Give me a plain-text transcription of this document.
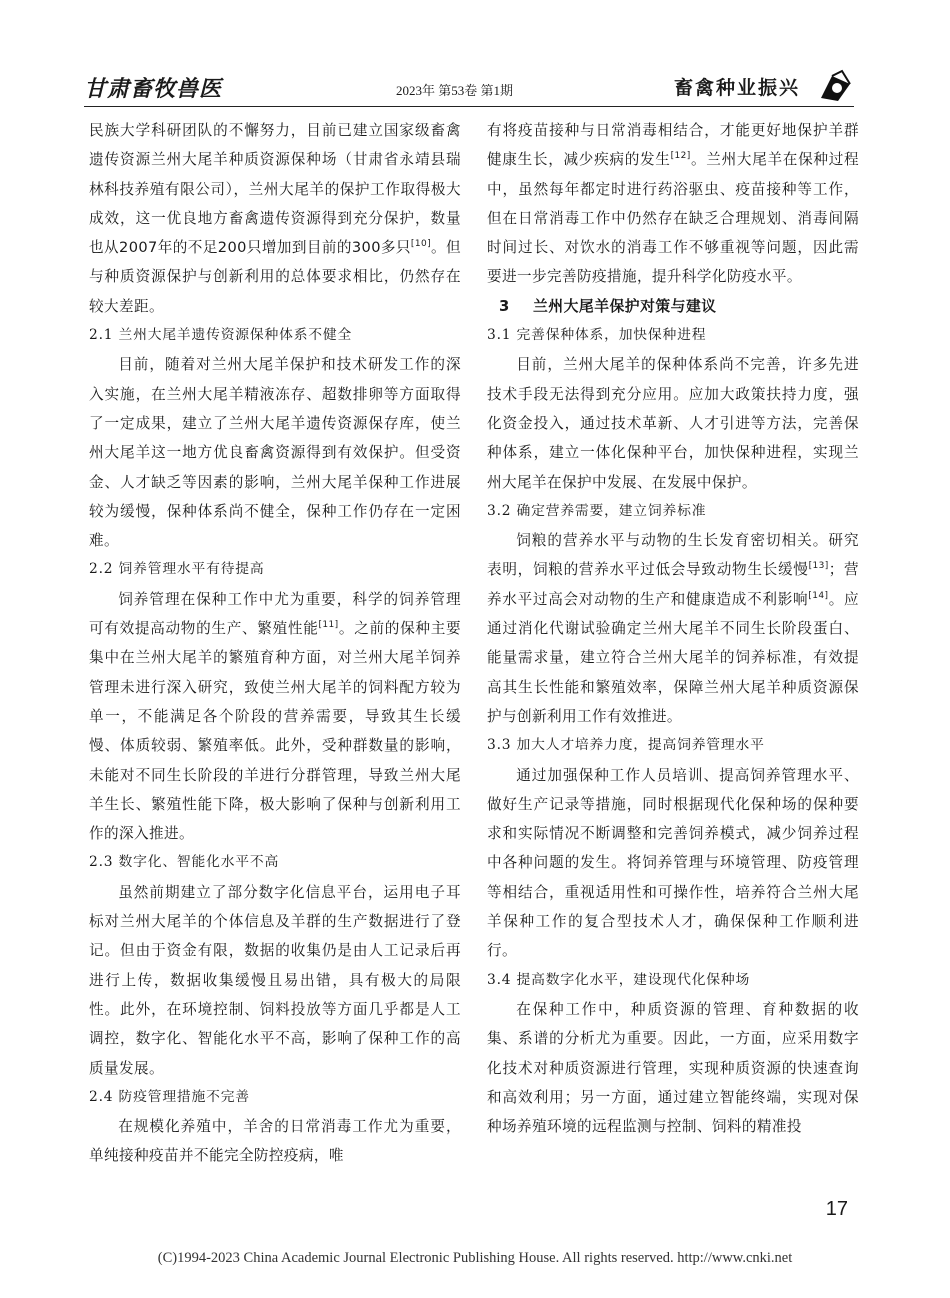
甘肃畜牧兽医	2023年 第53卷 第1期	畜禽种业振兴

民族大学科研团队的不懈努力，目前已建立国家级畜禽遗传资源兰州大尾羊种质资源保种场（甘肃省永靖县瑞林科技养殖有限公司），兰州大尾羊的保护工作取得极大成效，这一优良地方畜禽遗传资源得到充分保护，数量也从2007年的不足200只增加到目前的300多只[10]。但与种质资源保护与创新利用的总体要求相比，仍然存在较大差距。

2.1 兰州大尾羊遗传资源保种体系不健全

目前，随着对兰州大尾羊保护和技术研发工作的深入实施，在兰州大尾羊精液冻存、超数排卵等方面取得了一定成果，建立了兰州大尾羊遗传资源保存库，使兰州大尾羊这一地方优良畜禽资源得到有效保护。但受资金、人才缺乏等因素的影响，兰州大尾羊保种工作进展较为缓慢，保种体系尚不健全，保种工作仍存在一定困难。

2.2 饲养管理水平有待提高

饲养管理在保种工作中尤为重要，科学的饲养管理可有效提高动物的生产、繁殖性能[11]。之前的保种主要集中在兰州大尾羊的繁殖育种方面，对兰州大尾羊饲养管理未进行深入研究，致使兰州大尾羊的饲料配方较为单一，不能满足各个阶段的营养需要，导致其生长缓慢、体质较弱、繁殖率低。此外，受种群数量的影响，未能对不同生长阶段的羊进行分群管理，导致兰州大尾羊生长、繁殖性能下降，极大影响了保种与创新利用工作的深入推进。

2.3 数字化、智能化水平不高

虽然前期建立了部分数字化信息平台，运用电子耳标对兰州大尾羊的个体信息及羊群的生产数据进行了登记。但由于资金有限，数据的收集仍是由人工记录后再进行上传，数据收集缓慢且易出错，具有极大的局限性。此外，在环境控制、饲料投放等方面几乎都是人工调控，数字化、智能化水平不高，影响了保种工作的高质量发展。

2.4 防疫管理措施不完善

在规模化养殖中，羊舍的日常消毒工作尤为重要，单纯接种疫苗并不能完全防控疫病，唯

有将疫苗接种与日常消毒相结合，才能更好地保护羊群健康生长，减少疾病的发生[12]。兰州大尾羊在保种过程中，虽然每年都定时进行药浴驱虫、疫苗接种等工作，但在日常消毒工作中仍然存在缺乏合理规划、消毒间隔时间过长、对饮水的消毒工作不够重视等问题，因此需要进一步完善防疫措施，提升科学化防疫水平。

3 兰州大尾羊保护对策与建议

3.1 完善保种体系，加快保种进程

目前，兰州大尾羊的保种体系尚不完善，许多先进技术手段无法得到充分应用。应加大政策扶持力度，强化资金投入，通过技术革新、人才引进等方法，完善保种体系，建立一体化保种平台，加快保种进程，实现兰州大尾羊在保护中发展、在发展中保护。

3.2 确定营养需要，建立饲养标准

饲粮的营养水平与动物的生长发育密切相关。研究表明，饲粮的营养水平过低会导致动物生长缓慢[13]；营养水平过高会对动物的生产和健康造成不利影响[14]。应通过消化代谢试验确定兰州大尾羊不同生长阶段蛋白、能量需求量，建立符合兰州大尾羊的饲养标准，有效提高其生长性能和繁殖效率，保障兰州大尾羊种质资源保护与创新利用工作有效推进。

3.3 加大人才培养力度，提高饲养管理水平

通过加强保种工作人员培训、提高饲养管理水平、做好生产记录等措施，同时根据现代化保种场的保种要求和实际情况不断调整和完善饲养模式，减少饲养过程中各种问题的发生。将饲养管理与环境管理、防疫管理等相结合，重视适用性和可操作性，培养符合兰州大尾羊保种工作的复合型技术人才，确保保种工作顺利进行。

3.4 提高数字化水平，建设现代化保种场

在保种工作中，种质资源的管理、育种数据的收集、系谱的分析尤为重要。因此，一方面，应采用数字化技术对种质资源进行管理，实现种质资源的快速查询和高效利用；另一方面，通过建立智能终端，实现对保种场养殖环境的远程监测与控制、饲料的精准投

17
(C)1994-2023 China Academic Journal Electronic Publishing House. All rights reserved. http://www.cnki.net
